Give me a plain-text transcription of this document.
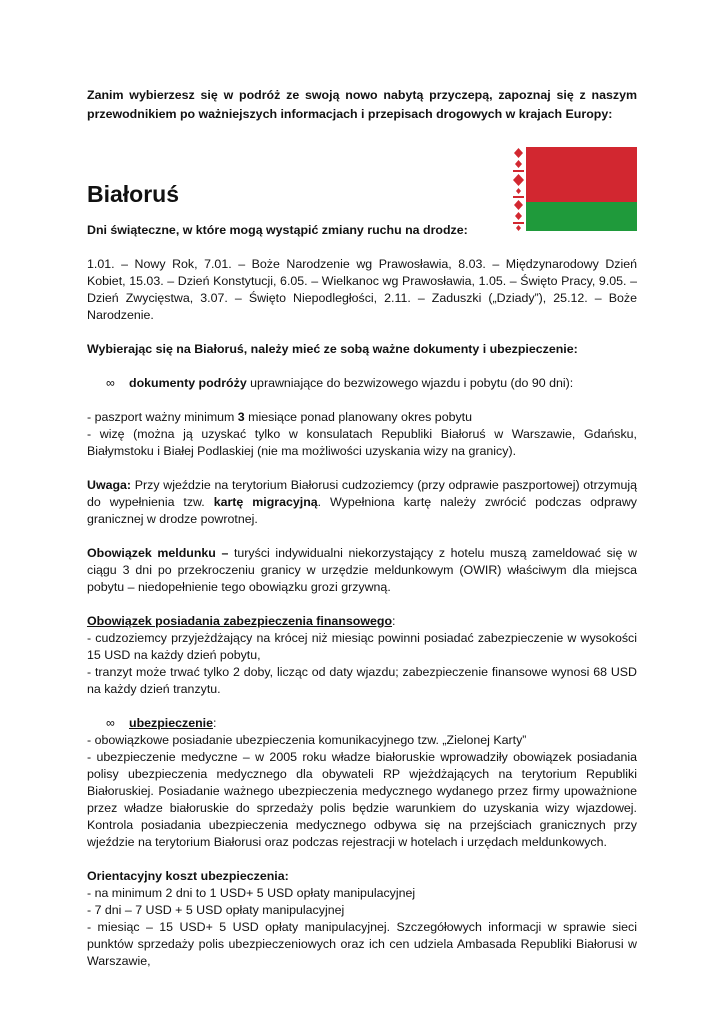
Zanim wybierzesz się w podróż ze swoją nowo nabytą przyczepą, zapoznaj się z naszym przewodnikiem po ważniejszych informacjach i przepisach drogowych w krajach Europy:

Białoruś

Dni świąteczne, w które mogą wystąpić zmiany ruchu na drodze:

1.01. – Nowy Rok, 7.01. – Boże Narodzenie wg Prawosławia, 8.03. – Międzynarodowy Dzień Kobiet, 15.03. – Dzień Konstytucji, 6.05. – Wielkanoc wg Prawosławia, 1.05. – Święto Pracy, 9.05. – Dzień Zwycięstwa, 3.07. – Święto Niepodległości, 2.11. – Zaduszki („Dziady”), 25.12. – Boże Narodzenie.

Wybierając się na Białoruś, należy mieć ze sobą ważne dokumenty i ubezpieczenie:

∞ dokumenty podróży uprawniające do bezwizowego wjazdu i pobytu (do 90 dni):

- paszport ważny minimum 3 miesiące ponad planowany okres pobytu

- wizę (można ją uzyskać tylko w konsulatach Republiki Białoruś w Warszawie, Gdańsku, Białymstoku i Białej Podlaskiej (nie ma możliwości uzyskania wizy na granicy).

Uwaga: Przy wjeździe na terytorium Białorusi cudzoziemcy (przy odprawie paszportowej) otrzymują do wypełnienia tzw. kartę migracyjną. Wypełniona kartę należy zwrócić podczas odprawy granicznej w drodze powrotnej.

Obowiązek meldunku – turyści indywidualni niekorzystający z hotelu muszą zameldować się w ciągu 3 dni po przekroczeniu granicy w urzędzie meldunkowym (OWIR) właściwym dla miejsca pobytu – niedopełnienie tego obowiązku grozi grzywną.

Obowiązek posiadania zabezpieczenia finansowego:

- cudzoziemcy przyjeżdżający na krócej niż miesiąc powinni posiadać zabezpieczenie w wysokości 15 USD na każdy dzień pobytu,

- tranzyt może trwać tylko 2 doby, licząc od daty wjazdu; zabezpieczenie finansowe wynosi 68 USD na każdy dzień tranzytu.

∞ ubezpieczenie:

- obowiązkowe posiadanie ubezpieczenia komunikacyjnego tzw. „Zielonej Karty”

- ubezpieczenie medyczne – w 2005 roku władze białoruskie wprowadziły obowiązek posiadania polisy ubezpieczenia medycznego dla obywateli RP wjeżdżających na terytorium Republiki Białoruskiej. Posiadanie ważnego ubezpieczenia medycznego wydanego przez firmy upoważnione przez władze białoruskie do sprzedaży polis będzie warunkiem do uzyskania wizy wjazdowej. Kontrola posiadania ubezpieczenia medycznego odbywa się na przejściach granicznych przy wjeździe na terytorium Białorusi oraz podczas rejestracji w hotelach i urzędach meldunkowych.

Orientacyjny koszt ubezpieczenia:

- na minimum 2 dni to 1 USD+ 5 USD opłaty manipulacyjnej

- 7 dni – 7 USD + 5 USD opłaty manipulacyjnej

- miesiąc – 15 USD+ 5 USD opłaty manipulacyjnej. Szczegółowych informacji w sprawie sieci punktów sprzedaży polis ubezpieczeniowych oraz ich cen udziela Ambasada Republiki Białorusi w Warszawie,
